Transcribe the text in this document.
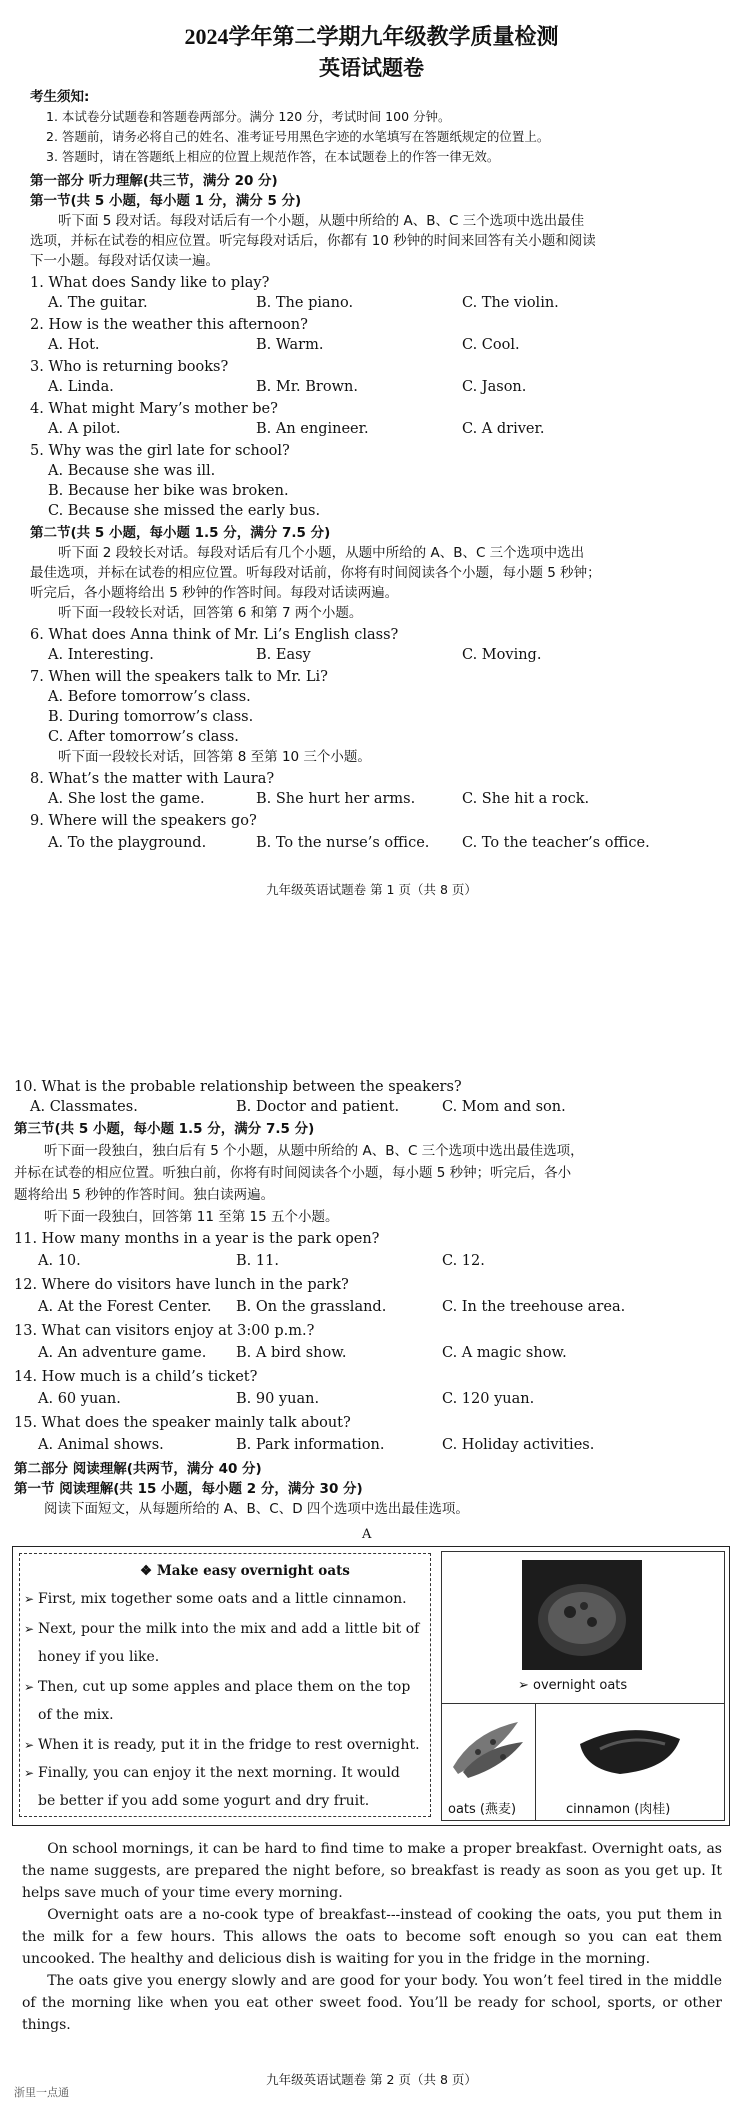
2024学年第二学期九年级教学质量检测
英语试题卷
考生须知:
1. 本试卷分试题卷和答题卷两部分。满分 120 分，考试时间 100 分钟。
2. 答题前，请务必将自己的姓名、准考证号用黑色字迹的水笔填写在答题纸规定的位置上。
3. 答题时，请在答题纸上相应的位置上规范作答，在本试题卷上的作答一律无效。
第一部分 听力理解(共三节，满分 20 分)
第一节(共 5 小题，每小题 1 分，满分 5 分)
听下面 5 段对话。每段对话后有一个小题，从题中所给的 A、B、C 三个选项中选出最佳
选项，并标在试卷的相应位置。听完每段对话后，你都有 10 秒钟的时间来回答有关小题和阅读
下一小题。每段对话仅读一遍。
1. What does Sandy like to play?
A. The guitar.	B. The piano.	C. The violin.
2. How is the weather this afternoon?
A. Hot.	B. Warm.	C. Cool.
3. Who is returning books?
A. Linda.	B. Mr. Brown.	C. Jason.
4. What might Mary’s mother be?
A. A pilot.	B. An engineer.	C. A driver.
5. Why was the girl late for school?
A. Because she was ill.
B. Because her bike was broken.
C. Because she missed the early bus.
第二节(共 5 小题，每小题 1.5 分，满分 7.5 分)
听下面 2 段较长对话。每段对话后有几个小题，从题中所给的 A、B、C 三个选项中选出
最佳选项，并标在试卷的相应位置。听每段对话前，你将有时间阅读各个小题，每小题 5 秒钟；
听完后，各小题将给出 5 秒钟的作答时间。每段对话读两遍。
听下面一段较长对话，回答第 6 和第 7 两个小题。
6. What does Anna think of Mr. Li’s English class?
A. Interesting.	B. Easy	C. Moving.
7. When will the speakers talk to Mr. Li?
A. Before tomorrow’s class.
B. During tomorrow’s class.
C. After tomorrow’s class.
听下面一段较长对话，回答第 8 至第 10 三个小题。
8. What’s the matter with Laura?
A. She lost the game.	B. She hurt her arms.	C. She hit a rock.
9. Where will the speakers go?
A. To the playground.	B. To the nurse’s office. C. To the teacher’s office.
九年级英语试题卷 第 1 页（共 8 页）
10. What is the probable relationship between the speakers?
A. Classmates.	B. Doctor and patient.	C. Mom and son.
第三节(共 5 小题，每小题 1.5 分，满分 7.5 分)
听下面一段独白，独白后有 5 个小题，从题中所给的 A、B、C 三个选项中选出最佳选项，
并标在试卷的相应位置。听独白前，你将有时间阅读各个小题，每小题 5 秒钟；听完后，各小
题将给出 5 秒钟的作答时间。独白读两遍。
听下面一段独白，回答第 11 至第 15 五个小题。
11. How many months in a year is the park open?
A. 10.	B. 11.	C. 12.
12. Where do visitors have lunch in the park?
A. At the Forest Center. B. On the grassland.	C. In the treehouse area.
13. What can visitors enjoy at 3:00 p.m.?
A. An adventure game. B. A bird show.	C. A magic show.
14. How much is a child’s ticket?
A. 60 yuan.	B. 90 yuan.	C. 120 yuan.
15. What does the speaker mainly talk about?
A. Animal shows.	B. Park information.	C. Holiday activities.
第二部分 阅读理解(共两节，满分 40 分)
第一节 阅读理解(共 15 小题，每小题 2 分，满分 30 分)
阅读下面短文，从每题所给的 A、B、C、D 四个选项中选出最佳选项。
A
❖ Make easy overnight oats
➢ First, mix together some oats and a little cinnamon.
➢ Next, pour the milk into the mix and add a little bit of
honey if you like.
➢ Then, cut up some apples and place them on the top
of the mix.
➢ When it is ready, put it in the fridge to rest overnight.
➢ Finally, you can enjoy it the next morning. It would
be better if you add some yogurt and dry fruit.
➢ overnight oats
oats (燕麦)	cinnamon (肉桂)

On school mornings, it can be hard to find time to make a proper breakfast. Overnight oats, as the name suggests, are prepared the night before, so breakfast is ready as soon as you get up. It helps save much of your time every morning.

Overnight oats are a no-cook type of breakfast---instead of cooking the oats, you put them in the milk for a few hours. This allows the oats to become soft enough so you can eat them uncooked. The healthy and delicious dish is waiting for you in the fridge in the morning.

The oats give you energy slowly and are good for your body. You won’t feel tired in the middle of the morning like when you eat other sweet food. You’ll be ready for school, sports, or other things.

九年级英语试题卷 第 2 页（共 8 页）
浙里一点通
